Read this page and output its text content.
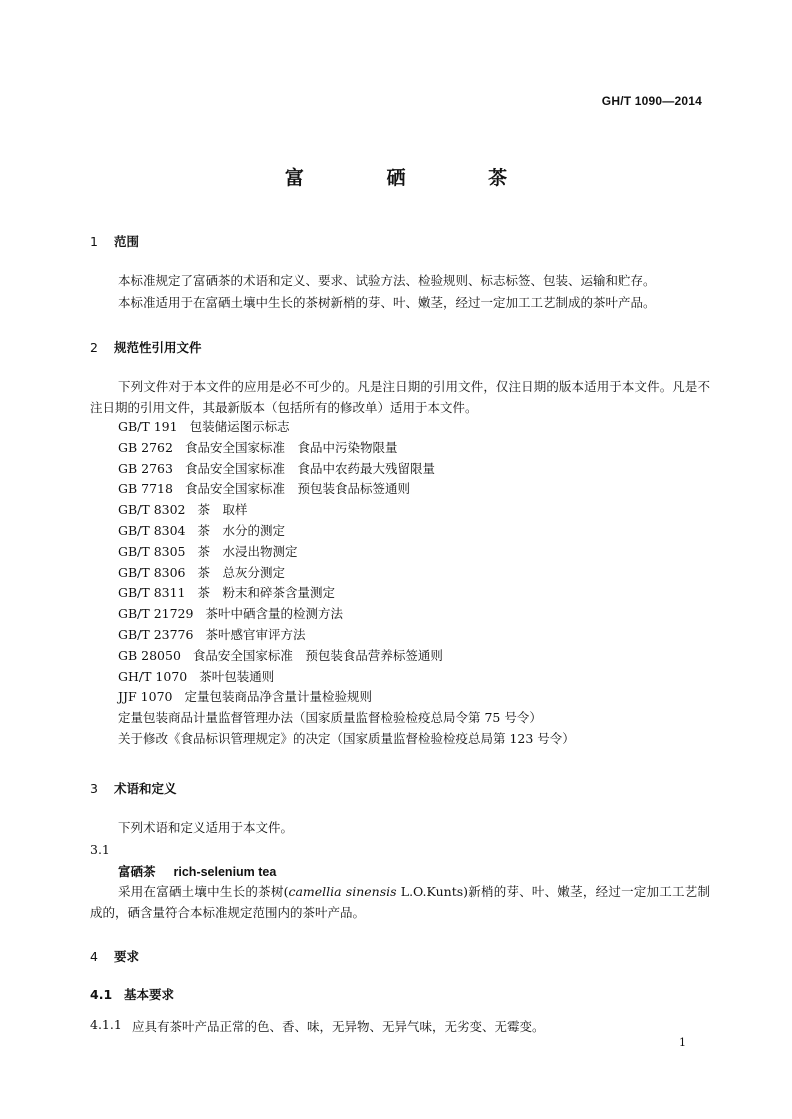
GH/T 1090—2014
富 硒 茶
1 范围
本标准规定了富硒茶的术语和定义、要求、试验方法、检验规则、标志标签、包装、运输和贮存。
本标准适用于在富硒土壤中生长的茶树新梢的芽、叶、嫩茎，经过一定加工工艺制成的茶叶产品。
2 规范性引用文件
下列文件对于本文件的应用是必不可少的。凡是注日期的引用文件，仅注日期的版本适用于本文件。凡是不注日期的引用文件，其最新版本（包括所有的修改单）适用于本文件。
GB/T 191 包装储运图示标志
GB 2762 食品安全国家标准　食品中污染物限量
GB 2763 食品安全国家标准　食品中农药最大残留限量
GB 7718 食品安全国家标准　预包装食品标签通则
GB/T 8302 茶　取样
GB/T 8304 茶　水分的测定
GB/T 8305 茶　水浸出物测定
GB/T 8306 茶　总灰分测定
GB/T 8311 茶　粉末和碎茶含量测定
GB/T 21729 茶叶中硒含量的检测方法
GB/T 23776 茶叶感官审评方法
GB 28050 食品安全国家标准　预包装食品营养标签通则
GH/T 1070 茶叶包装通则
JJF 1070 定量包装商品净含量计量检验规则
定量包装商品计量监督管理办法（国家质量监督检验检疫总局令第 75 号令）
关于修改《食品标识管理规定》的决定（国家质量监督检验检疫总局第 123 号令）
3 术语和定义
下列术语和定义适用于本文件。
3.1
富硒茶 rich-selenium tea
采用在富硒土壤中生长的茶树(camellia sinensis L.O.Kunts)新梢的芽、叶、嫩茎，经过一定加工工艺制成的，硒含量符合本标准规定范围内的茶叶产品。
4 要求
4.1 基本要求
4.1.1 应具有茶叶产品正常的色、香、味，无异物、无异气味，无劣变、无霉变。
1
